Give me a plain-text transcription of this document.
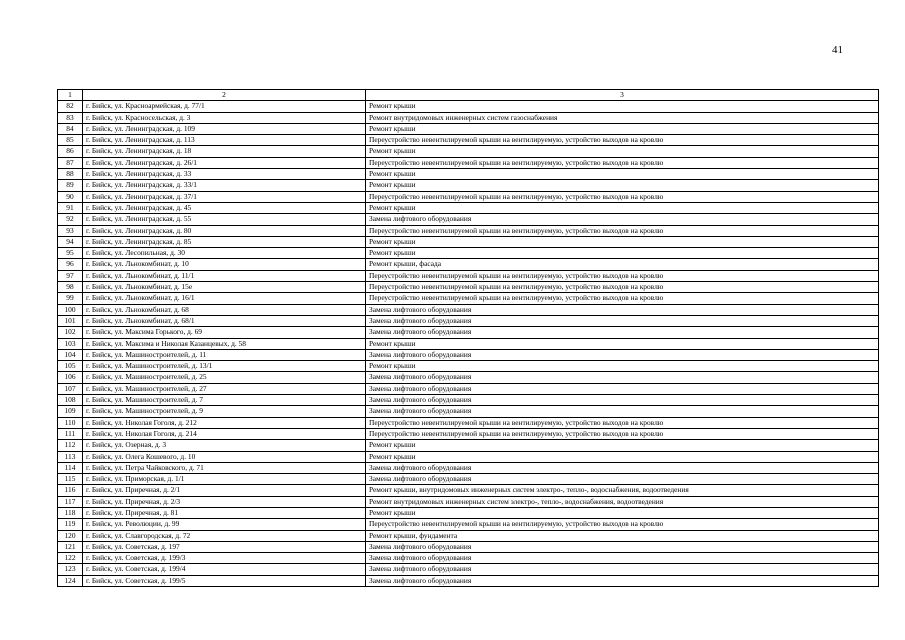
41
1	2	3
82	г. Бийск, ул. Красноармейская, д. 77/1	Ремонт крыши
83	г. Бийск, ул. Красносельская, д. 3	Ремонт внутридомовых инженерных систем газоснабжения
84	г. Бийск, ул. Ленинградская, д. 109	Ремонт крыши
85	г. Бийск, ул. Ленинградская, д. 113	Переустройство невентилируемой крыши на вентилируемую, устройство выходов на кровлю
86	г. Бийск, ул. Ленинградская, д. 18	Ремонт крыши
87	г. Бийск, ул. Ленинградская, д. 26/1	Переустройство невентилируемой крыши на вентилируемую, устройство выходов на кровлю
88	г. Бийск, ул. Ленинградская, д. 33	Ремонт крыши
89	г. Бийск, ул. Ленинградская, д. 33/1	Ремонт крыши
90	г. Бийск, ул. Ленинградская, д. 37/1	Переустройство невентилируемой крыши на вентилируемую, устройство выходов на кровлю
91	г. Бийск, ул. Ленинградская, д. 45	Ремонт крыши
92	г. Бийск, ул. Ленинградская, д. 55	Замена лифтового оборудования
93	г. Бийск, ул. Ленинградская, д. 80	Переустройство невентилируемой крыши на вентилируемую, устройство выходов на кровлю
94	г. Бийск, ул. Ленинградская, д. 85	Ремонт крыши
95	г. Бийск, ул. Лесопильная, д. 30	Ремонт крыши
96	г. Бийск, ул. Льнокомбинат, д. 10	Ремонт крыши, фасада
97	г. Бийск, ул. Льнокомбинат, д. 11/1	Переустройство невентилируемой крыши на вентилируемую, устройство выходов на кровлю
98	г. Бийск, ул. Льнокомбинат, д. 15е	Переустройство невентилируемой крыши на вентилируемую, устройство выходов на кровлю
99	г. Бийск, ул. Льнокомбинат, д. 16/1	Переустройство невентилируемой крыши на вентилируемую, устройство выходов на кровлю
100	г. Бийск, ул. Льнокомбинат, д. 68	Замена лифтового оборудования
101	г. Бийск, ул. Льнокомбинат, д. 68/1	Замена лифтового оборудования
102	г. Бийск, ул. Максима Горького, д. 69	Замена лифтового оборудования
103	г. Бийск, ул. Максима и Николая Казанцевых, д. 58	Ремонт крыши
104	г. Бийск, ул. Машиностроителей, д. 11	Замена лифтового оборудования
105	г. Бийск, ул. Машиностроителей, д. 13/1	Ремонт крыши
106	г. Бийск, ул. Машиностроителей, д. 25	Замена лифтового оборудования
107	г. Бийск, ул. Машиностроителей, д. 27	Замена лифтового оборудования
108	г. Бийск, ул. Машиностроителей, д. 7	Замена лифтового оборудования
109	г. Бийск, ул. Машиностроителей, д. 9	Замена лифтового оборудования
110	г. Бийск, ул. Николая Гоголя, д. 212	Переустройство невентилируемой крыши на вентилируемую, устройство выходов на кровлю
111	г. Бийск, ул. Николая Гоголя, д. 214	Переустройство невентилируемой крыши на вентилируемую, устройство выходов на кровлю
112	г. Бийск, ул. Озерная, д. 3	Ремонт крыши
113	г. Бийск, ул. Олега Кошевого, д. 10	Ремонт крыши
114	г. Бийск, ул. Петра Чайковского, д. 71	Замена лифтового оборудования
115	г. Бийск, ул. Приморская, д. 1/1	Замена лифтового оборудования
116	г. Бийск, ул. Приречная, д. 2/1	Ремонт крыши, внутридомовых инженерных систем электро-, тепло-, водоснабжения, водоотведения
117	г. Бийск, ул. Приречная, д. 2/3	Ремонт внутридомовых инженерных систем электро-, тепло-, водоснабжения, водоотведения
118	г. Бийск, ул. Приречная, д. 81	Ремонт крыши
119	г. Бийск, ул. Революции, д. 99	Переустройство невентилируемой крыши на вентилируемую, устройство выходов на кровлю
120	г. Бийск, ул. Славгородская, д. 72	Ремонт крыши, фундамента
121	г. Бийск, ул. Советская, д. 197	Замена лифтового оборудования
122	г. Бийск, ул. Советская, д. 199/3	Замена лифтового оборудования
123	г. Бийск, ул. Советская, д. 199/4	Замена лифтового оборудования
124	г. Бийск, ул. Советская, д. 199/5	Замена лифтового оборудования
